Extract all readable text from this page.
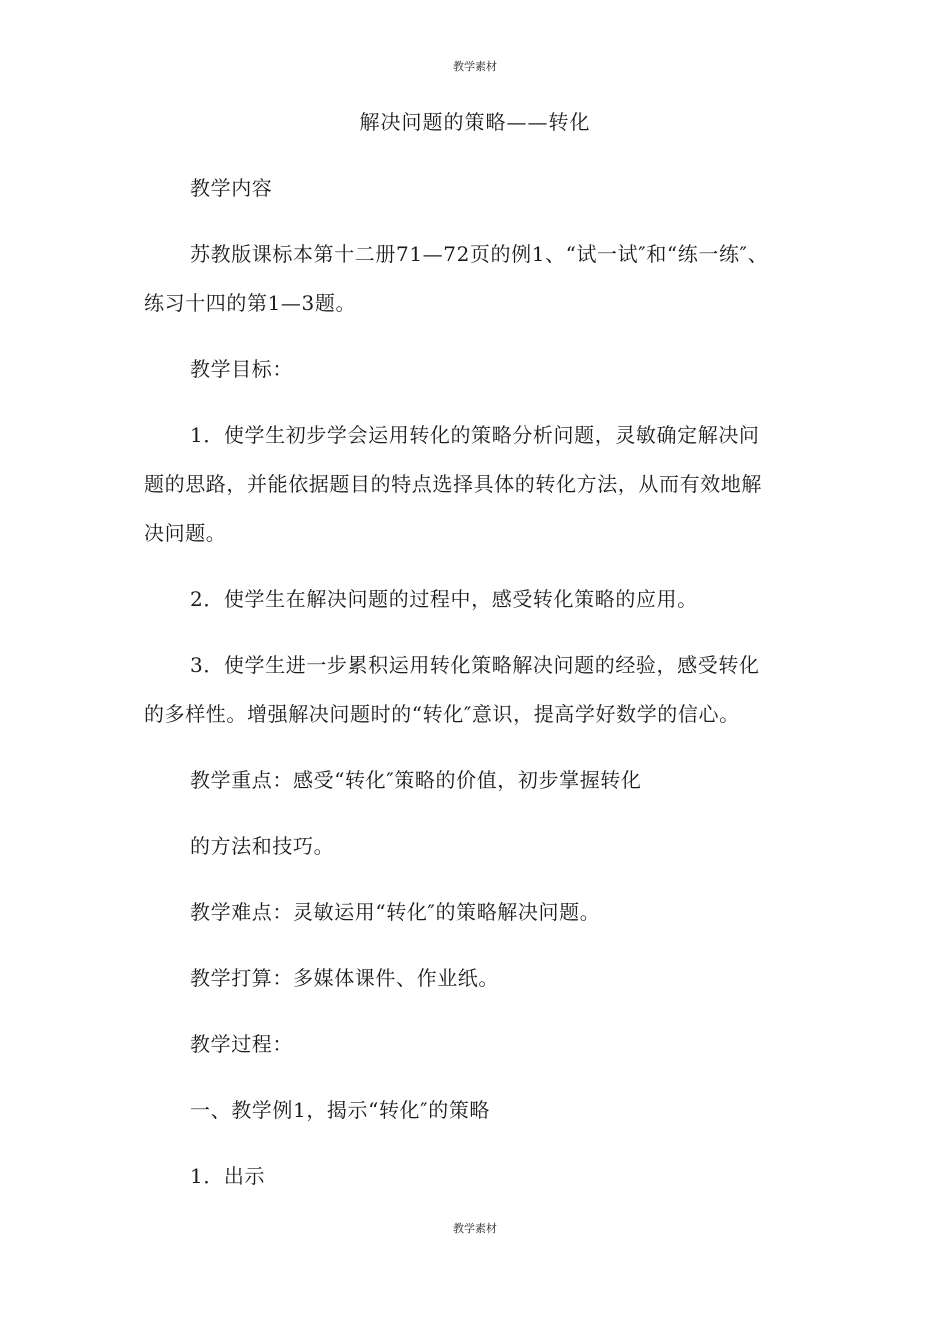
教学素材
解决问题的策略——转化
教学内容
苏教版课标本第十二册71—72页的例1、“试一试″和“练一练″、
练习十四的第1—3题。
教学目标：
1．使学生初步学会运用转化的策略分析问题，灵敏确定解决问
题的思路，并能依据题目的特点选择具体的转化方法，从而有效地解
决问题。
2．使学生在解决问题的过程中，感受转化策略的应用。
3．使学生进一步累积运用转化策略解决问题的经验，感受转化
的多样性。增强解决问题时的“转化″意识，提高学好数学的信心。
教学重点：感受“转化″策略的价值，初步掌握转化
的方法和技巧。
教学难点：灵敏运用“转化″的策略解决问题。
教学打算：多媒体课件、作业纸。
教学过程：
一、教学例1，揭示“转化″的策略
1．出示
教学素材
